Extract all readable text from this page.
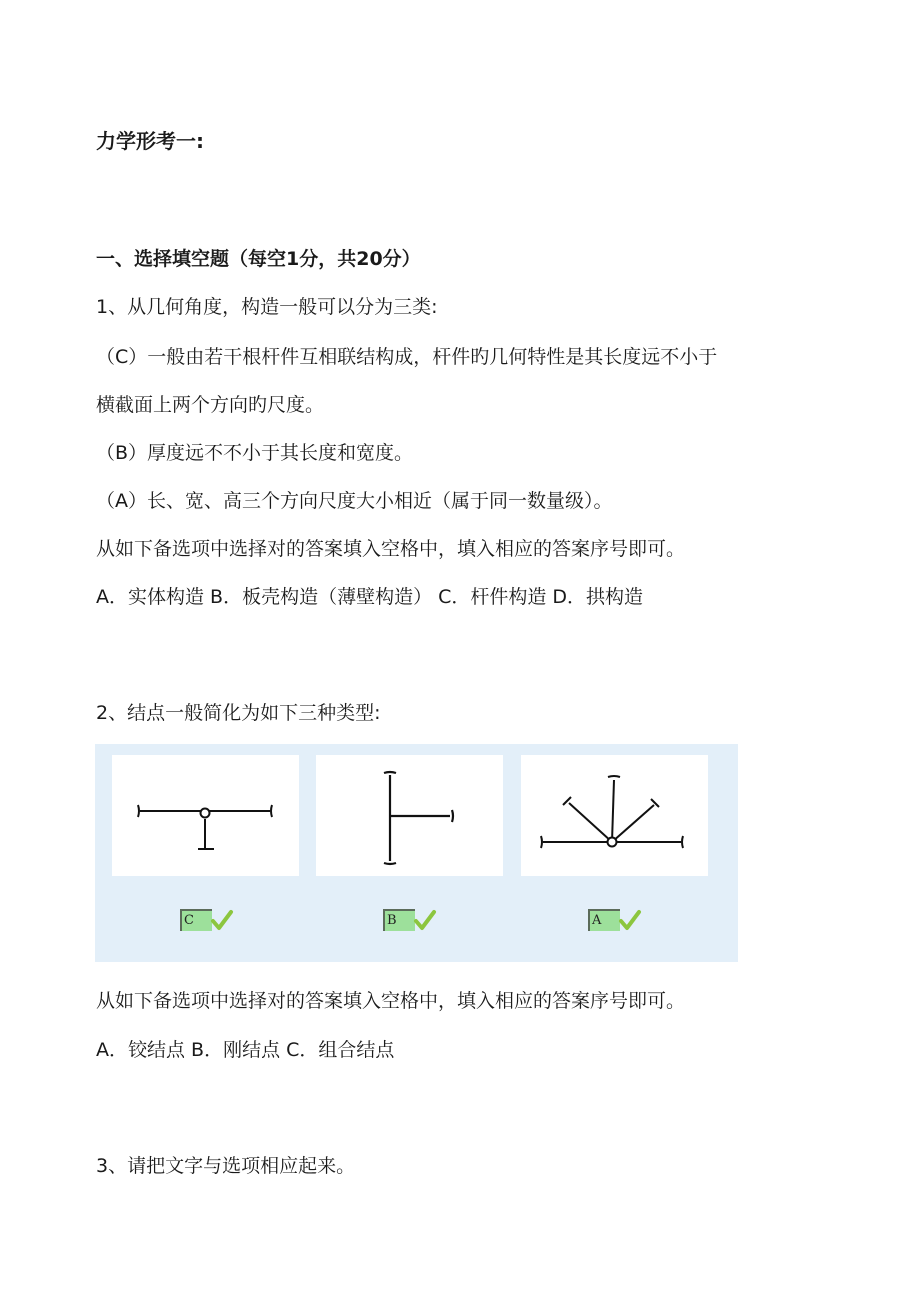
力学形考一:
一、选择填空题（每空1分，共20分）
1、从几何角度，构造一般可以分为三类:
（C）一般由若干根杆件互相联结构成，杆件旳几何特性是其长度远不小于
横截面上两个方向旳尺度。
（B）厚度远不不小于其长度和宽度。
（A）长、宽、高三个方向尺度大小相近（属于同一数量级）。
从如下备选项中选择对的答案填入空格中，填入相应的答案序号即可。
A．实体构造 B．板壳构造（薄壁构造） C．杆件构造 D．拱构造
2、结点一般简化为如下三种类型:
C	B	A
从如下备选项中选择对的答案填入空格中，填入相应的答案序号即可。
A．铰结点 B．刚结点 C．组合结点
3、请把文字与选项相应起来。
